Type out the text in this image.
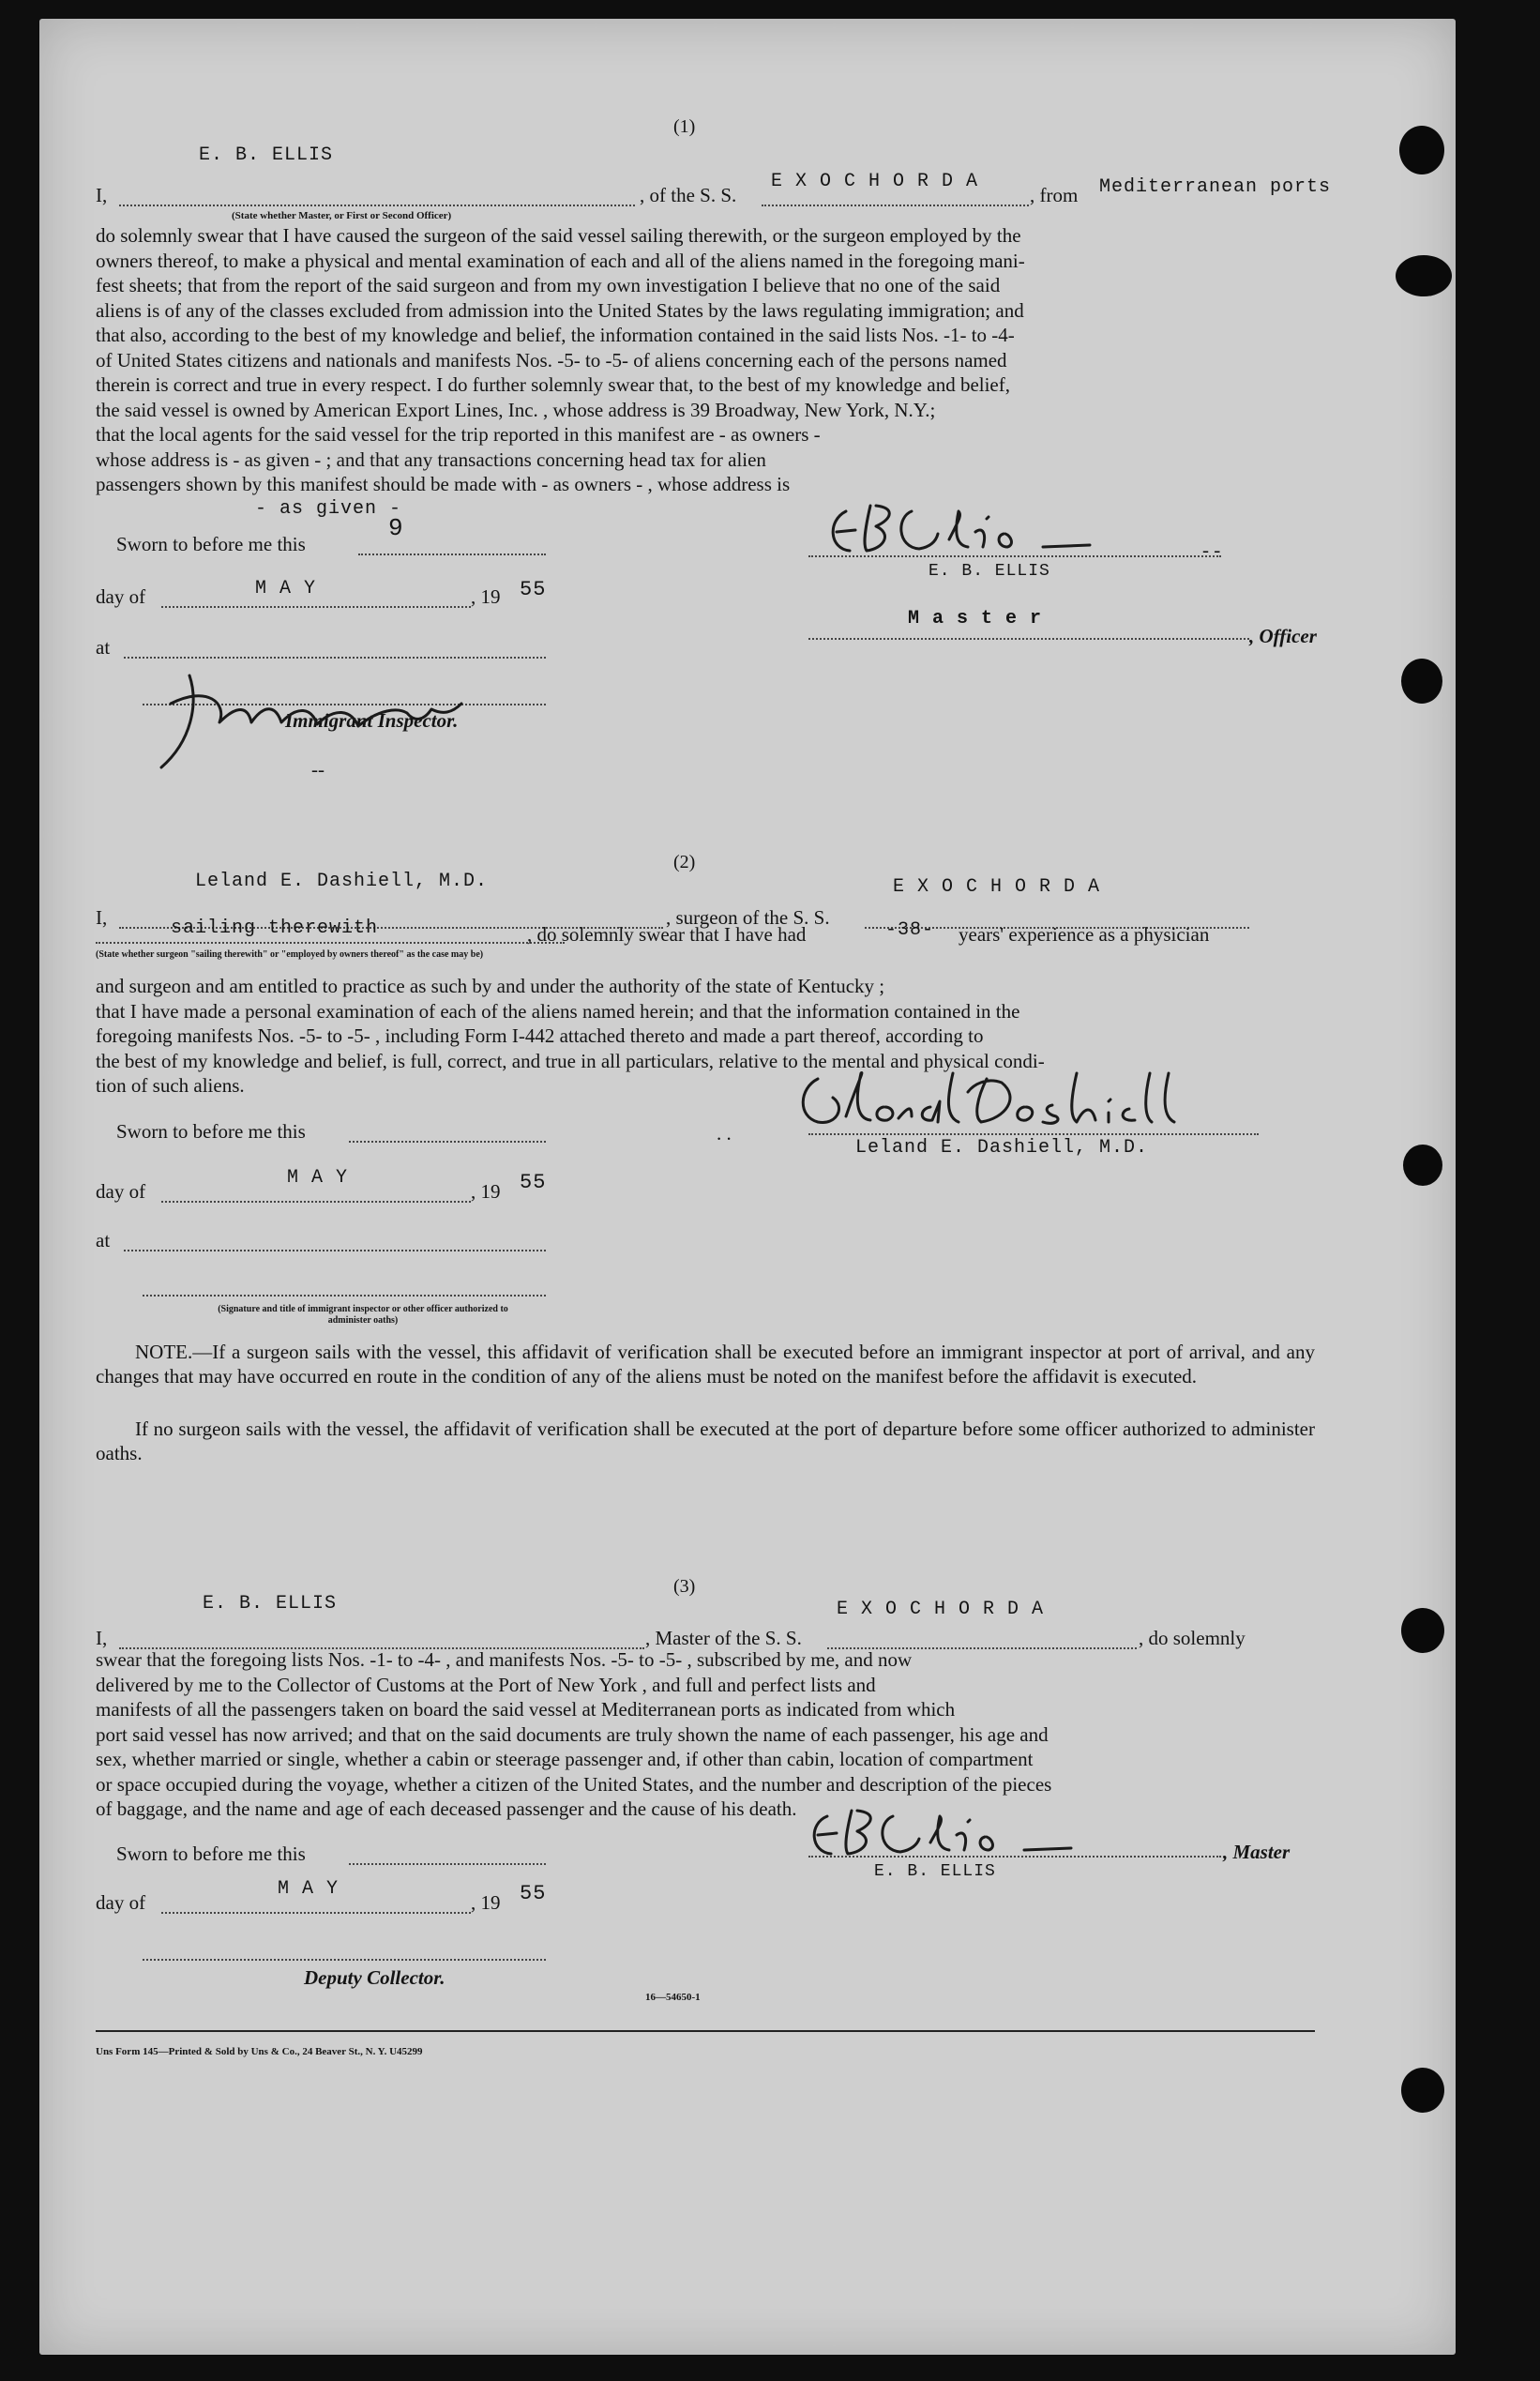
(1)
I,
E. B. ELLIS
(State whether Master, or First or Second Officer)
, of the S. S.
E X O C H O R D A
, from Mediterranean ports
do solemnly swear that I have caused the surgeon of the said vessel sailing therewith, or the surgeon employed by the
owners thereof, to make a physical and mental examination of each and all of the aliens named in the foregoing mani-
fest sheets; that from the report of the said surgeon and from my own investigation I believe that no one of the said
aliens is of any of the classes excluded from admission into the United States by the laws regulating immigration; and
that also, according to the best of my knowledge and belief, the information contained in the said lists Nos. -1- to -4-
of United States citizens and nationals and manifests Nos. -5- to -5- of aliens concerning each of the persons named
therein is correct and true in every respect. I do further solemnly swear that, to the best of my knowledge and belief,
the said vessel is owned by American Export Lines, Inc. , whose address is 39 Broadway, New York, N.Y.;
that the local agents for the said vessel for the trip reported in this manifest are - as owners -
whose address is - as given - ; and that any transactions concerning head tax for alien
passengers shown by this manifest should be made with - as owners - , whose address is
- as given -
Sworn to before me this
9
day of	M A Y	, 19 55
at
Immigrant Inspector.
--
- -
E. B. ELLIS
M a s t e r
, Officer
(2)
I,
Leland E. Dashiell, M.D.
, surgeon of the S. S.
E X O C H O R D A
sailing therewith	, do solemnly swear that I have had	-38- years' experience as a physician
(State whether surgeon "sailing therewith" or "employed by owners thereof" as the case may be)
and surgeon and am entitled to practice as such by and under the authority of the state of Kentucky ;
that I have made a personal examination of each of the aliens named herein; and that the information contained in the
foregoing manifests Nos. -5- to -5- , including Form I-442 attached thereto and made a part thereof, according to
the best of my knowledge and belief, is full, correct, and true in all particulars, relative to the mental and physical condi-
tion of such aliens.
Leland E. Dashiell, M.D.
. .
Sworn to before me this
day of
M A Y
, 19 55
at
(Signature and title of immigrant inspector or other officer authorized to administer oaths)
NOTE.—If a surgeon sails with the vessel, this affidavit of verification shall be executed before an immigrant inspector at port of arrival, and any changes that may have occurred en route in the condition of any of the aliens must be noted on the manifest before the affidavit is executed.
If no surgeon sails with the vessel, the affidavit of verification shall be executed at the port of departure before some officer authorized to administer oaths.
(3)
I,
E. B. ELLIS
, Master of the S. S.
E X O C H O R D A
, do solemnly
swear that the foregoing lists Nos. -1- to -4- , and manifests Nos. -5- to -5- , subscribed by me, and now
delivered by me to the Collector of Customs at the Port of New York , and full and perfect lists and
manifests of all the passengers taken on board the said vessel at Mediterranean ports as indicated from which
port said vessel has now arrived; and that on the said documents are truly shown the name of each passenger, his age and
sex, whether married or single, whether a cabin or steerage passenger and, if other than cabin, location of compartment
or space occupied during the voyage, whether a citizen of the United States, and the number and description of the pieces
of baggage, and the name and age of each deceased passenger and the cause of his death.
, Master
E. B. ELLIS
Sworn to before me this
day of
M A Y
, 19 55
Deputy Collector.
16—54650-1
Uns Form 145—Printed & Sold by Uns & Co., 24 Beaver St., N. Y. U45299
